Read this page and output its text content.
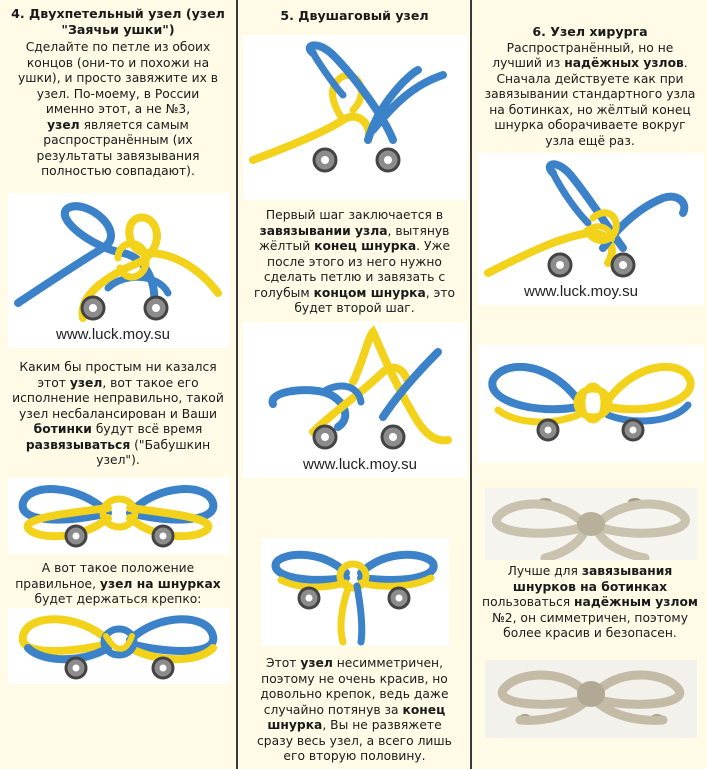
4. Двухпетельный узел (узел
"Заячьи ушки")

Сделайте по петле из обоих
концов (они-то и похожи на
ушки), и просто завяжите их в
узел. По-моему, в России
именно этот, а не №3,
узел является самым
распространённым (их
результаты завязывания
полностью совпадают).

www.luck.moy.su

Каким бы простым ни казался
этот узел, вот такое его
исполнение неправильно, такой
узел несбалансирован и Ваши
ботинки будут всё время
развязываться ("Бабушкин
узел").

А вот такое положение
правильное, узел на шнурках
будет держаться крепко:

5. Двушаговый узел

Первый шаг заключается в
завязывании узла, вытянув
жёлтый конец шнурка. Уже
после этого из него нужно
сделать петлю и завязать с
голубым концом шнурка, это
будет второй шаг.

www.luck.moy.su

Этот узел несимметричен,
поэтому не очень красив, но
довольно крепок, ведь даже
случайно потянув за конец
шнурка, Вы не развяжете
сразу весь узел, а всего лишь
его вторую половину.

6. Узел хирурга
Распространённый, но не
лучший из надёжных узлов.
Сначала действуете как при
завязывании стандартного узла
на ботинках, но жёлтый конец
шнурка оборачиваете вокруг
узла ещё раз.

www.luck.moy.su

Лучше для завязывания
шнурков на ботинках
пользоваться надёжным узлом
№2, он симметричен, поэтому
более красив и безопасен.
